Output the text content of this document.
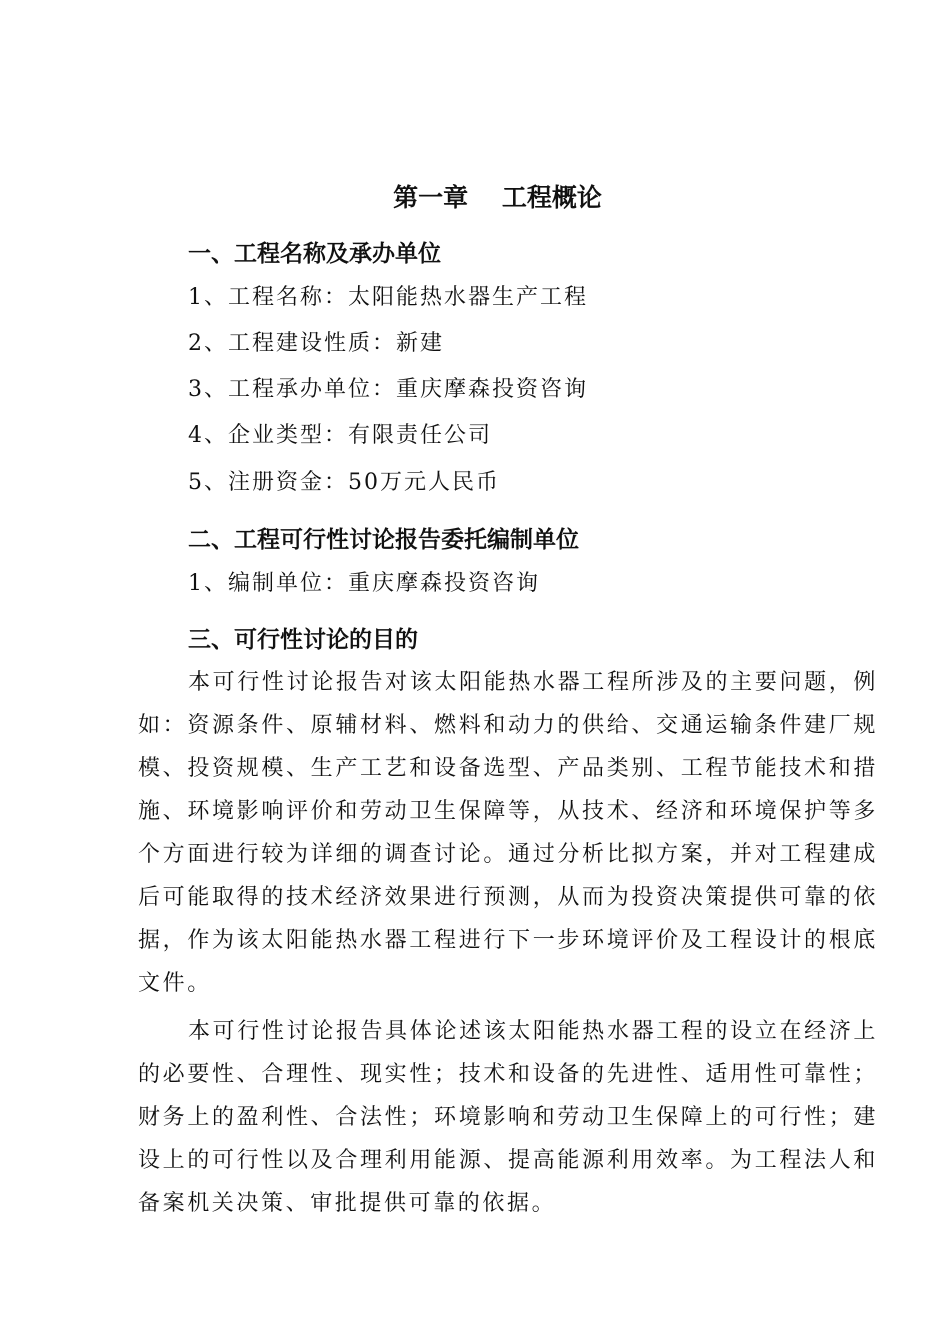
第一章　 工程概论
一、工程名称及承办单位

1、工程名称：太阳能热水器生产工程

2、工程建设性质：新建

3、工程承办单位：重庆摩森投资咨询

4、企业类型：有限责任公司

5、注册资金：50万元人民币

二、工程可行性讨论报告委托编制单位

1、编制单位：重庆摩森投资咨询

三、可行性讨论的目的

本可行性讨论报告对该太阳能热水器工程所涉及的主要问题，例如：资源条件、原辅材料、燃料和动力的供给、交通运输条件建厂规模、投资规模、生产工艺和设备选型、产品类别、工程节能技术和措施、环境影响评价和劳动卫生保障等，从技术、经济和环境保护等多个方面进行较为详细的调查讨论。通过分析比拟方案，并对工程建成后可能取得的技术经济效果进行预测，从而为投资决策提供可靠的依据，作为该太阳能热水器工程进行下一步环境评价及工程设计的根底文件。

本可行性讨论报告具体论述该太阳能热水器工程的设立在经济上的必要性、合理性、现实性；技术和设备的先进性、适用性可靠性；财务上的盈利性、合法性；环境影响和劳动卫生保障上的可行性；建设上的可行性以及合理利用能源、提高能源利用效率。为工程法人和备案机关决策、审批提供可靠的依据。
